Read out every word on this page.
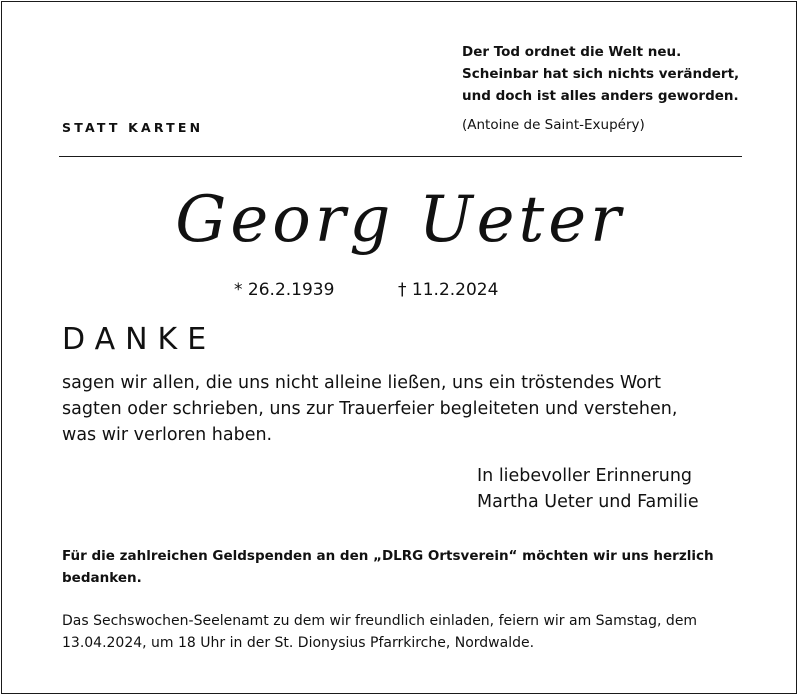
STATT KARTEN
Der Tod ordnet die Welt neu.
Scheinbar hat sich nichts verändert,
und doch ist alles anders geworden.
(Antoine de Saint-Exupéry)
Georg Ueter
* 26.2.1939	† 11.2.2024
DANKE
sagen wir allen, die uns nicht alleine ließen, uns ein tröstendes Wort
sagten oder schrieben, uns zur Trauerfeier begleiteten und verstehen,
was wir verloren haben.
In liebevoller Erinnerung
Martha Ueter und Familie
Für die zahlreichen Geldspenden an den „DLRG Ortsverein“ möchten wir uns herzlich bedanken.
Das Sechswochen-Seelenamt zu dem wir freundlich einladen, feiern wir am Samstag, dem 13.04.2024, um 18 Uhr in der St. Dionysius Pfarrkirche, Nordwalde.
